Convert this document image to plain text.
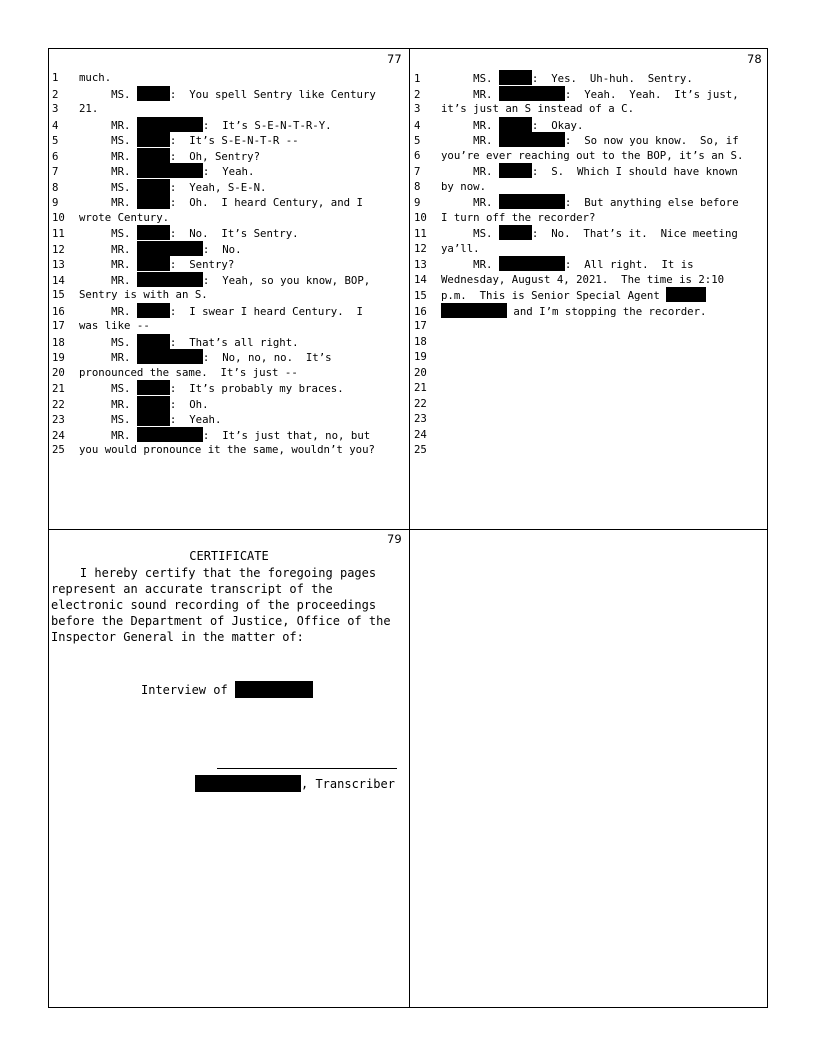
77
1 much.
2     MS.	:  You spell Sentry like Century
3 21.
4     MR.	:  It’s S-E-N-T-R-Y.
5     MS.	:  It’s S-E-N-T-R --
6     MR.	:  Oh, Sentry?
7     MR.	:  Yeah.
8     MS.	:  Yeah, S-E-N.
9     MR.	:  Oh.  I heard Century, and I
10 wrote Century.
11     MS.	:  No.  It’s Sentry.
12     MR.	:  No.
13     MR.	:  Sentry?
14     MR.	:  Yeah, so you know, BOP,
15 Sentry is with an S.
16     MR.	:  I swear I heard Century.  I
17 was like --
18     MS.	:  That’s all right.
19     MR.	:  No, no, no.  It’s
20 pronounced the same.  It’s just --
21     MS.	:  It’s probably my braces.
22     MR.	:  Oh.
23     MS.	:  Yeah.
24     MR.	:  It’s just that, no, but
25 you would pronounce it the same, wouldn’t you?
78
1     MS.	:  Yes.  Uh-huh.  Sentry.
2     MR.	:  Yeah.  Yeah.  It’s just,
3 it’s just an S instead of a C.
4     MR.	:  Okay.
5     MR.	:  So now you know.  So, if
6 you’re ever reaching out to the BOP, it’s an S.
7     MR.	:  S.  Which I should have known
8 by now.
9     MR.	:  But anything else before
10 I turn off the recorder?
11     MS.	:  No.  That’s it.  Nice meeting
12 ya’ll.
13     MR.	:  All right.  It is
14 Wednesday, August 4, 2021.  The time is 2:10
15 p.m.  This is Senior Special Agent
16	and I’m stopping the recorder.
17
18
19
20
21
22
23
24
25
79
CERTIFICATE
I hereby certify that the foregoing pages
represent an accurate transcript of the
electronic sound recording of the proceedings
before the Department of Justice, Office of the
Inspector General in the matter of:
Interview of
, Transcriber
